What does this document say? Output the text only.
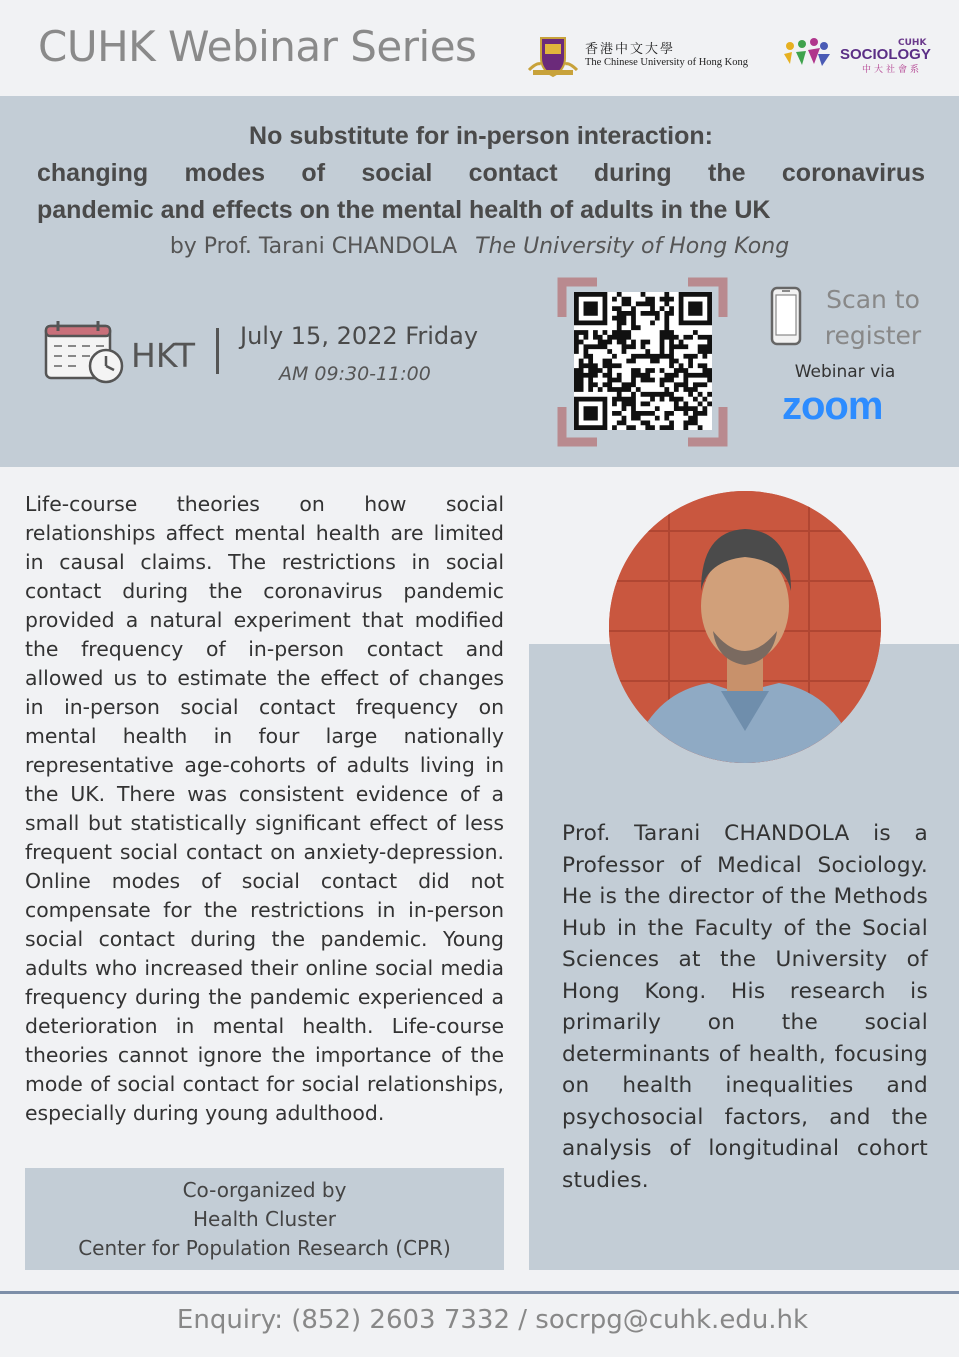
CUHK Webinar Series	香港中文大學
The Chinese University of Hong Kong
CUHK
SOCIOLOGY
中大社會系
No substitute for in-person interaction:
changing modes of social contact during the coronavirus
pandemic and effects on the mental health of adults in the UK
by Prof. Tarani CHANDOLA The University of Hong Kong
HKT July 15, 2022 Friday
AM 09:30-11:00
Scan to register
Webinar via
zoom
Life-course theories on how social relationships affect mental health are limited in causal claims. The restrictions in social contact during the coronavirus pandemic provided a natural experiment that modified the frequency of in-person contact and allowed us to estimate the effect of changes in in-person social contact frequency on mental health in four large nationally representative age-cohorts of adults living in the UK. There was consistent evidence of a small but statistically significant effect of less frequent social contact on anxiety-depression. Online modes of social contact did not compensate for the restrictions in in-person social contact during the pandemic. Young adults who increased their online social media frequency during the pandemic experienced a deterioration in mental health. Life-course theories cannot ignore the importance of the mode of social contact for social relationships, especially during young adulthood.
Co-organized by
Health Cluster
Center for Population Research (CPR)
Prof. Tarani CHANDOLA is a Professor of Medical Sociology. He is the director of the Methods Hub in the Faculty of the Social Sciences at the University of Hong Kong. His research is primarily on the social determinants of health, focusing on health inequalities and psychosocial factors, and the analysis of longitudinal cohort studies.
Enquiry: (852) 2603 7332 / socrpg@cuhk.edu.hk
